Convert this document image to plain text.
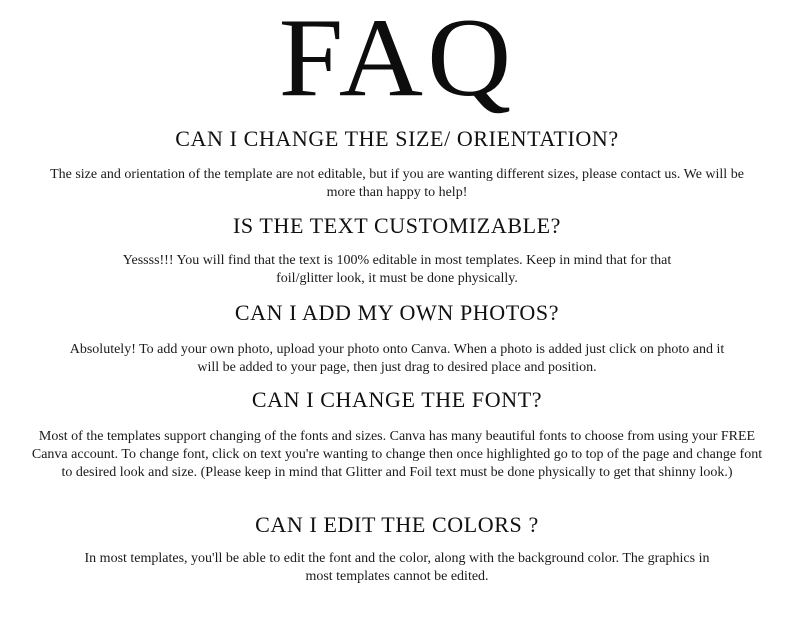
FAQ
CAN I CHANGE THE SIZE/ ORIENTATION?
The size and orientation of the template are not editable, but if you are wanting different sizes, please contact us. We will be more than happy to help!
IS THE TEXT CUSTOMIZABLE?
Yessss!!! You will find that the text is 100% editable in most templates. Keep in mind that for that foil/glitter look, it must be done physically.
CAN I ADD MY OWN PHOTOS?
Absolutely! To add your own photo, upload your photo onto Canva. When a photo is added just click on photo and it will be added to your page, then just drag to desired place and position.
CAN I CHANGE THE FONT?
Most of the templates support changing of the fonts and sizes. Canva has many beautiful fonts to choose from using your FREE Canva account. To change font, click on text you're wanting to change then once highlighted go to top of the page and change font to desired look and size. (Please keep in mind that Glitter and Foil text must be done physically to get that shinny look.)
CAN I EDIT THE COLORS ?
In most templates, you'll be able to edit the font and the color, along with the background color. The graphics in most templates cannot be edited.
